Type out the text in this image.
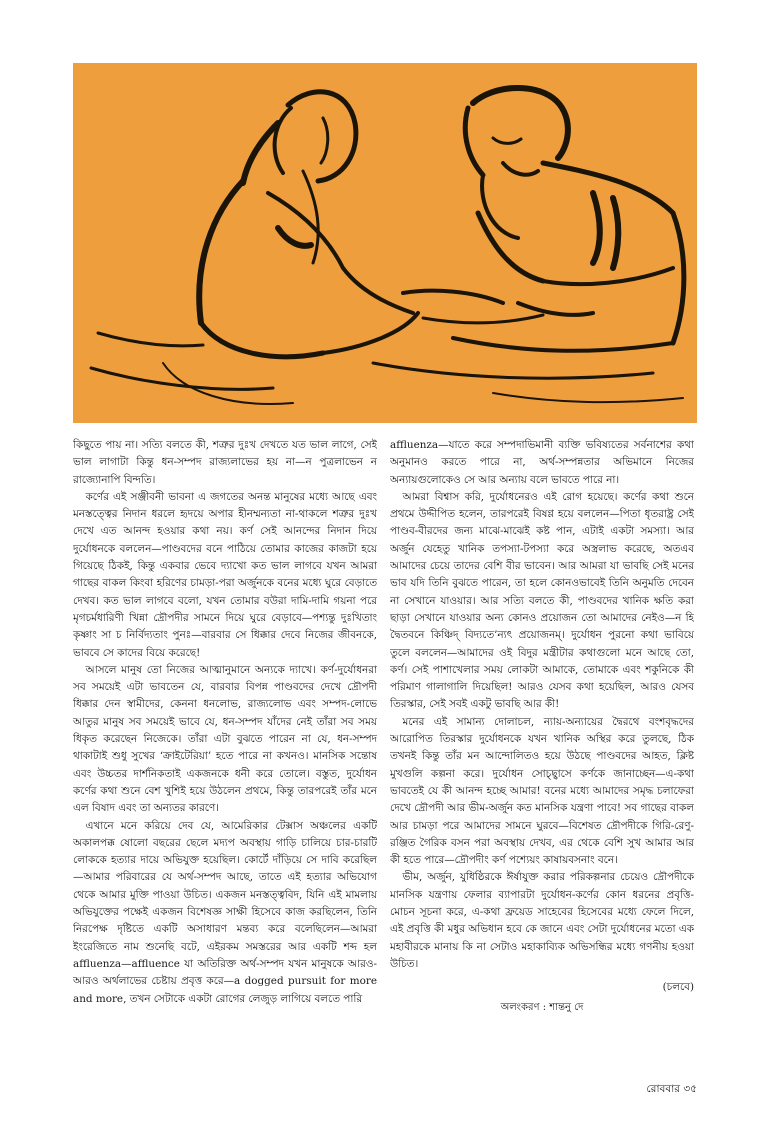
কিছুতে পায় না। সত্যি বলতে কী, শত্রুর দুঃখ দেখতে যত ভাল লাগে, সেই ভাল লাগাটা কিন্তু ধন-সম্পদ রাজ্যলাভের হয় না—ন পুত্রলাভেন ন রাজ্যোনাপি বিন্দতি।

কর্ণের এই সঞ্জীবনী ভাবনা এ জগতের অনন্ত মানুষের মধ্যে আছে এবং মনস্তত্ত্বের নিদান ধরলে হৃদয়ে অপার হীনম্মন্যতা না-থাকলে শত্রুর দুঃখ দেখে এত আনন্দ হওয়ার কথা নয়। কর্ণ সেই আনন্দের নিদান দিয়ে দুর্যোধনকে বললেন—পাণ্ডবদের বনে পাঠিয়ে তোমার কাজের কাজটা হয়ে গিয়েছে ঠিকই, কিন্তু একবার ভেবে দ্যাখো কত ভাল লাগবে যখন আমরা গাছের বাকল কিংবা হরিণের চামড়া-পরা অর্জুনকে বনের মধ্যে ঘুরে বেড়াতে দেখব। কত ভাল লাগবে বলো, যখন তোমার বউরা দামি-দামি গয়না পরে মৃগচর্মধারিণী খিন্না দ্রৌপদীর সামনে দিয়ে ঘুরে বেড়াবে—পশ্যন্তু দুঃখিতাং কৃষ্ণাং সা চ নির্বিদ্যতাং পুনঃ—বারবার সে ধিক্কার দেবে নিজের জীবনকে, ভাববে সে কাদের বিয়ে করেছে!

আসলে মানুষ তো নিজের আত্মানুমানে অন্যকে দ্যাখে। কর্ণ-দুর্যোধনরা সব সময়েই এটা ভাবতেন যে, বারবার বিপন্ন পাণ্ডবদের দেখে দ্রৌপদী ধিক্কার দেন স্বামীদের, কেননা ধনলোভ, রাজ্যলোভ এবং সম্পদ-লোভে আতুর মানুষ সব সময়েই ভাবে যে, ধন-সম্পদ যাঁদের নেই তাঁরা সব সময় ধিকৃত করেছেন নিজেকে। তাঁরা এটা বুঝতে পারেন না যে, ধন-সম্পদ থাকাটাই শুধু সুখের ‘ক্রাইটেরিয়া’ হতে পারে না কখনও। মানসিক সন্তোষ এবং উচ্চতর দার্শনিকতাই একজনকে ধনী করে তোলে। বস্তুত, দুর্যোধন কর্ণের কথা শুনে বেশ খুশিই হয়ে উঠলেন প্রথমে, কিন্তু তারপরেই তাঁর মনে এল বিষাদ এবং তা অন্যতর কারণে।

এখানে মনে করিয়ে দেব যে, আমেরিকার টেক্সাস অঞ্চলের একটি অকালপক্ক ষোলো বছরের ছেলে মদ্যপ অবস্থায় গাড়ি চালিয়ে চার-চারটি লোককে হত্যার দায়ে অভিযুক্ত হয়েছিল। কোর্টে দাঁড়িয়ে সে দাবি করেছিল—আমার পরিবারের যে অর্থ-সম্পদ আছে, তাতে এই হত্যার অভিযোগ থেকে আমার মুক্তি পাওয়া উচিত। একজন মনস্তত্ত্ববিদ, যিনি এই মামলায় অভিযুক্তের পক্ষেই একজন বিশেষজ্ঞ সাক্ষী হিসেবে কাজ করছিলেন, তিনি নিরপেক্ষ দৃষ্টিতে একটি অসাধারণ মন্তব্য করে বলেছিলেন—আমরা ইংরেজিতে নাম শুনেছি বটে, এইরকম সমস্তরের আর একটি শব্দ হল affluenza—affluence যা অতিরিক্ত অর্থ-সম্পদ যখন মানুষকে আরও-আরও অর্থলাভের চেষ্টায় প্রবৃত্ত করে—a dogged pursuit for more and more, তখন সেটাকে একটা রোগের লেজুড় লাগিয়ে বলতে পারি

affluenza—যাতে করে সম্পদাভিমানী ব্যক্তি ভবিষ্যতের সর্বনাশের কথা অনুমানও করতে পারে না, অর্থ-সম্পন্নতার অভিমানে নিজের অন্যায়গুলোকেও সে আর অন্যায় বলে ভাবতে পারে না।

আমরা বিশ্বাস করি, দুর্যোধনেরও এই রোগ হয়েছে। কর্ণের কথা শুনে প্রথমে উদ্দীপিত হলেন, তারপরেই বিষণ্ণ হয়ে বললেন—পিতা ধৃতরাষ্ট্র সেই পাণ্ডব-বীরদের জন্য মাঝে-মাঝেই কষ্ট পান, এটাই একটা সমস্যা। আর অর্জুন যেহেতু খানিক তপস্যা-টপস্যা করে অস্ত্রলাভ করেছে, অতএব আমাদের চেয়ে তাদের বেশি বীর ভাবেন। আর আমরা যা ভাবছি সেই মনের ভাব যদি তিনি বুঝতে পারেন, তা হলে কোনওভাবেই তিনি অনুমতি দেবেন না সেখানে যাওয়ার। আর সত্যি বলতে কী, পাণ্ডবদের খানিক ক্ষতি করা ছাড়া সেখানে যাওয়ার অন্য কোনও প্রয়োজন তো আমাদের নেইও—ন হি দ্বৈতবনে কিঞ্চিদ্ বিদ্যতে’ন্যৎ প্রয়োজনম্। দুর্যোধন পুরনো কথা ভাবিয়ে তুলে বললেন—আমাদের ওই বিদুর মন্ত্রীটার কথাগুলো মনে আছে তো, কর্ণ। সেই পাশাখেলার সময় লোকটা আমাকে, তোমাকে এবং শকুনিকে কী পরিমাণ গালাগালি দিয়েছিল! আরও যেসব কথা হয়েছিল, আরও যেসব তিরস্কার, সেই সবই একটু ভাবছি আর কী!

মনের এই সামান্য দোলাচল, ন্যায়-অন্যায়ের দ্বৈরথে বংশবৃদ্ধদের আরোপিত তিরস্কার দুর্যোধনকে যখন খানিক অস্থির করে তুলছে, ঠিক তখনই কিন্তু তাঁর মন আন্দোলিতও হয়ে উঠছে পাণ্ডবদের আহত, ক্লিষ্ট মুখগুলি কল্পনা করে। দুর্যোধন সোচ্ছ্বাসে কর্ণকে জানাচ্ছেন—এ-কথা ভাবতেই যে কী আনন্দ হচ্ছে আমার! বনের মধ্যে আমাদের সমৃদ্ধ চলাফেরা দেখে দ্রৌপদী আর ভীম-অর্জুন কত মানসিক যন্ত্রণা পাবে! সব গাছের বাকল আর চামড়া পরে আমাদের সামনে ঘুরবে—বিশেষত দ্রৌপদীকে গিরি-রেণু-রঞ্জিত গৈরিক বসন পরা অবস্থায় দেখব, এর থেকে বেশি সুখ আমার আর কী হতে পারে—দ্রৌপদীং কর্ণ পশ্যেয়ং কাষায়বসনাং বনে।

ভীম, অর্জুন, যুধিষ্ঠিরকে ঈর্ষাযুক্ত করার পরিকল্পনার চেয়েও দ্রৌপদীকে মানসিক যন্ত্রণায় ফেলার ব্যাপারটা দুর্যোধন-কর্ণের কোন ধরনের প্রবৃত্তি-মোচন সূচনা করে, এ-কথা ফ্রয়েড সাহেবের হিসেবের মধ্যে ফেলে দিলে, এই প্রবৃত্তি কী মধুর অভিধান হবে কে জানে এবং সেটা দুর্যোধনের মতো এক মহাবীরকে মানায় কি না সেটাও মহাকাব্যিক অভিসন্ধির মধ্যে গণনীয় হওয়া উচিত।

(চলবে)
অলংকরণ : শান্তনু দে
রোববার ৩৫
